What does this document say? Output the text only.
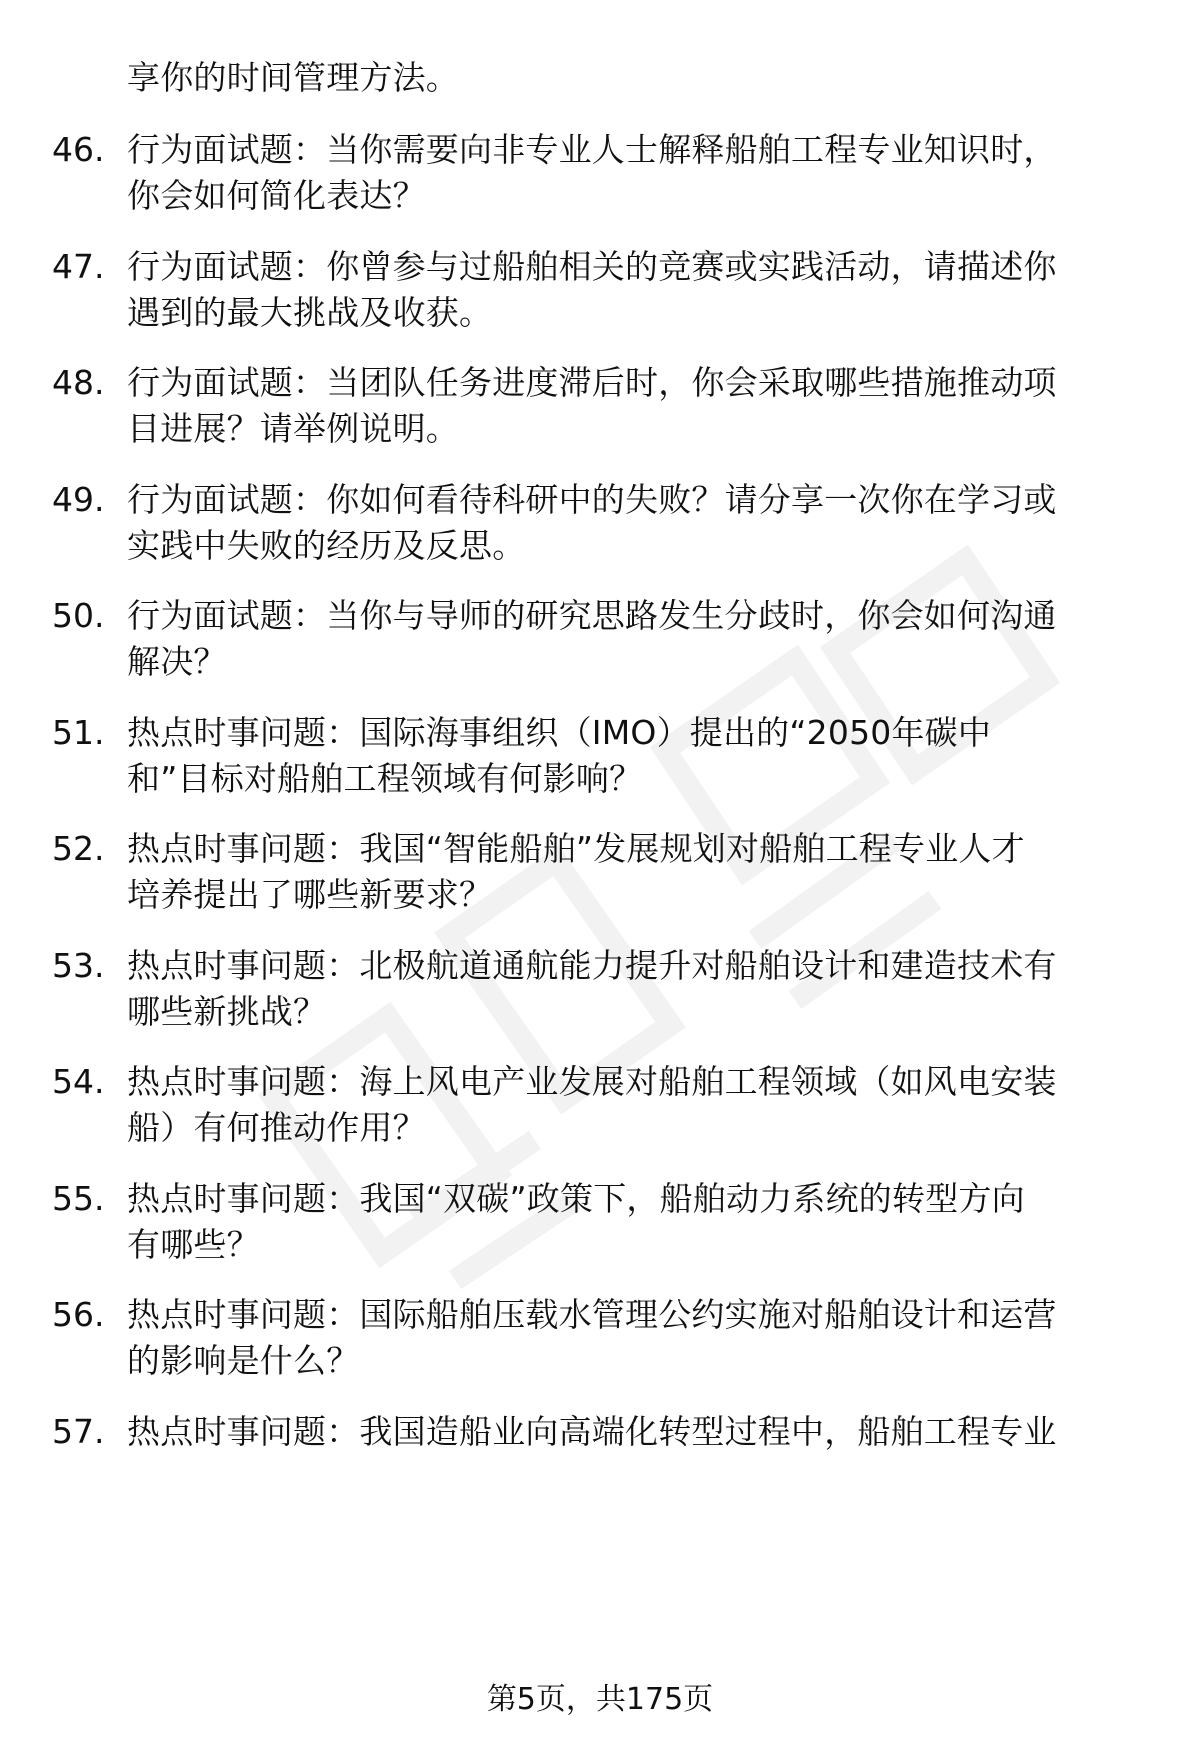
享你的时间管理方法。
46. 行为面试题：当你需要向非专业人士解释船舶工程专业知识时，
你会如何简化表达？
47. 行为面试题：你曾参与过船舶相关的竞赛或实践活动，请描述你
遇到的最大挑战及收获。
48. 行为面试题：当团队任务进度滞后时，你会采取哪些措施推动项
目进展？请举例说明。
49. 行为面试题：你如何看待科研中的失败？请分享一次你在学习或
实践中失败的经历及反思。
50. 行为面试题：当你与导师的研究思路发生分歧时，你会如何沟通
解决？
51. 热点时事问题：国际海事组织（IMO）提出的“2050年碳中
和”目标对船舶工程领域有何影响？
52. 热点时事问题：我国“智能船舶”发展规划对船舶工程专业人才
培养提出了哪些新要求？
53. 热点时事问题：北极航道通航能力提升对船舶设计和建造技术有
哪些新挑战？
54. 热点时事问题：海上风电产业发展对船舶工程领域（如风电安装
船）有何推动作用？
55. 热点时事问题：我国“双碳”政策下，船舶动力系统的转型方向
有哪些？
56. 热点时事问题：国际船舶压载水管理公约实施对船舶设计和运营
的影响是什么？
57. 热点时事问题：我国造船业向高端化转型过程中，船舶工程专业
第5页，共175页
